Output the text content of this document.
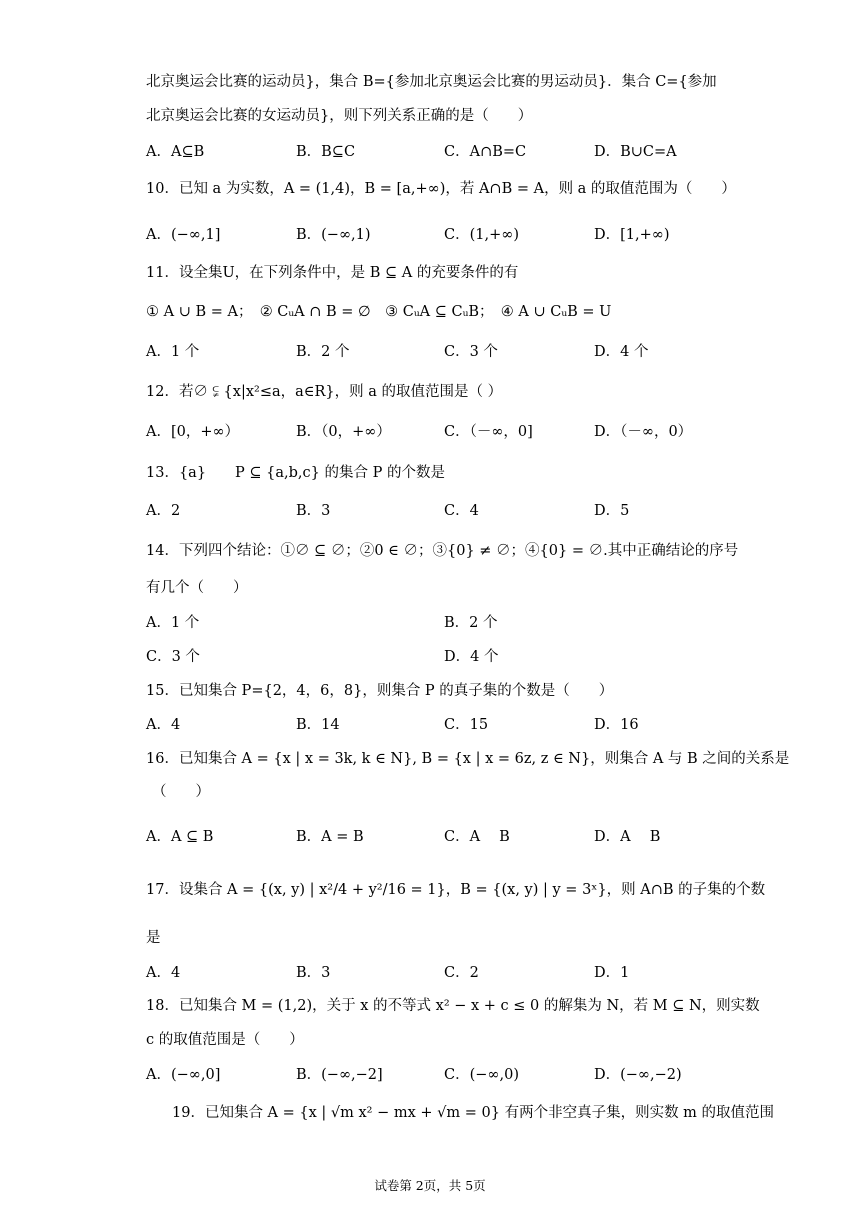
北京奥运会比赛的运动员}，集合 B={参加北京奥运会比赛的男运动员}．集合 C={参加
北京奥运会比赛的女运动员}，则下列关系正确的是（　　）
A．A⊆B	B．B⊆C	C．A∩B=C	D．B∪C=A
10．已知 a 为实数，A = (1,4)，B = [a,+∞)，若 A∩B = A，则 a 的取值范围为（　　）
A．(−∞,1]	B．(−∞,1)	C．(1,+∞)	D．[1,+∞)
11．设全集U，在下列条件中，是 B ⊆ A 的充要条件的有
① A ∪ B = A；　② CᵤA ∩ B = ∅　③ CᵤA ⊆ CᵤB；　④ A ∪ CᵤB = U
A．1 个	B．2 个	C．3 个	D．4 个
12．若∅ ⫋ {x|x²≤a，a∈R}，则 a 的取值范围是（ ）
A．[0，+∞）	B．（0，+∞）	C．（－∞，0]	D．（－∞，0）
13．{a}　　P ⊆ {a,b,c} 的集合 P 的个数是
A．2	B．3	C．4	D．5
14．下列四个结论：①∅ ⊆ ∅；②0 ∈ ∅；③{0} ≠ ∅；④{0} = ∅.其中正确结论的序号
有几个（　　）
A．1 个	B．2 个
C．3 个	D．4 个
15．已知集合 P={2，4，6，8}，则集合 P 的真子集的个数是（　　）
A．4	B．14	C．15	D．16
16．已知集合 A = {x | x = 3k, k ∈ N}, B = {x | x = 6z, z ∈ N}，则集合 A 与 B 之间的关系是
（　　）
A．A ⊆ B	B．A = B	C．A　 B	D．A　 B
17．设集合 A = {(x, y) | x²/4 + y²/16 = 1}，B = {(x, y) | y = 3ˣ}，则 A∩B 的子集的个数
是
A．4	B．3	C．2	D．1
18．已知集合 M = (1,2)，关于 x 的不等式 x² − x + c ≤ 0 的解集为 N，若 M ⊆ N，则实数
c 的取值范围是（　　）
A．(−∞,0]	B．(−∞,−2]	C．(−∞,0)	D．(−∞,−2)
19．已知集合 A = {x | √m x² − mx + √m = 0} 有两个非空真子集，则实数 m 的取值范围
试卷第 2页，共 5页
